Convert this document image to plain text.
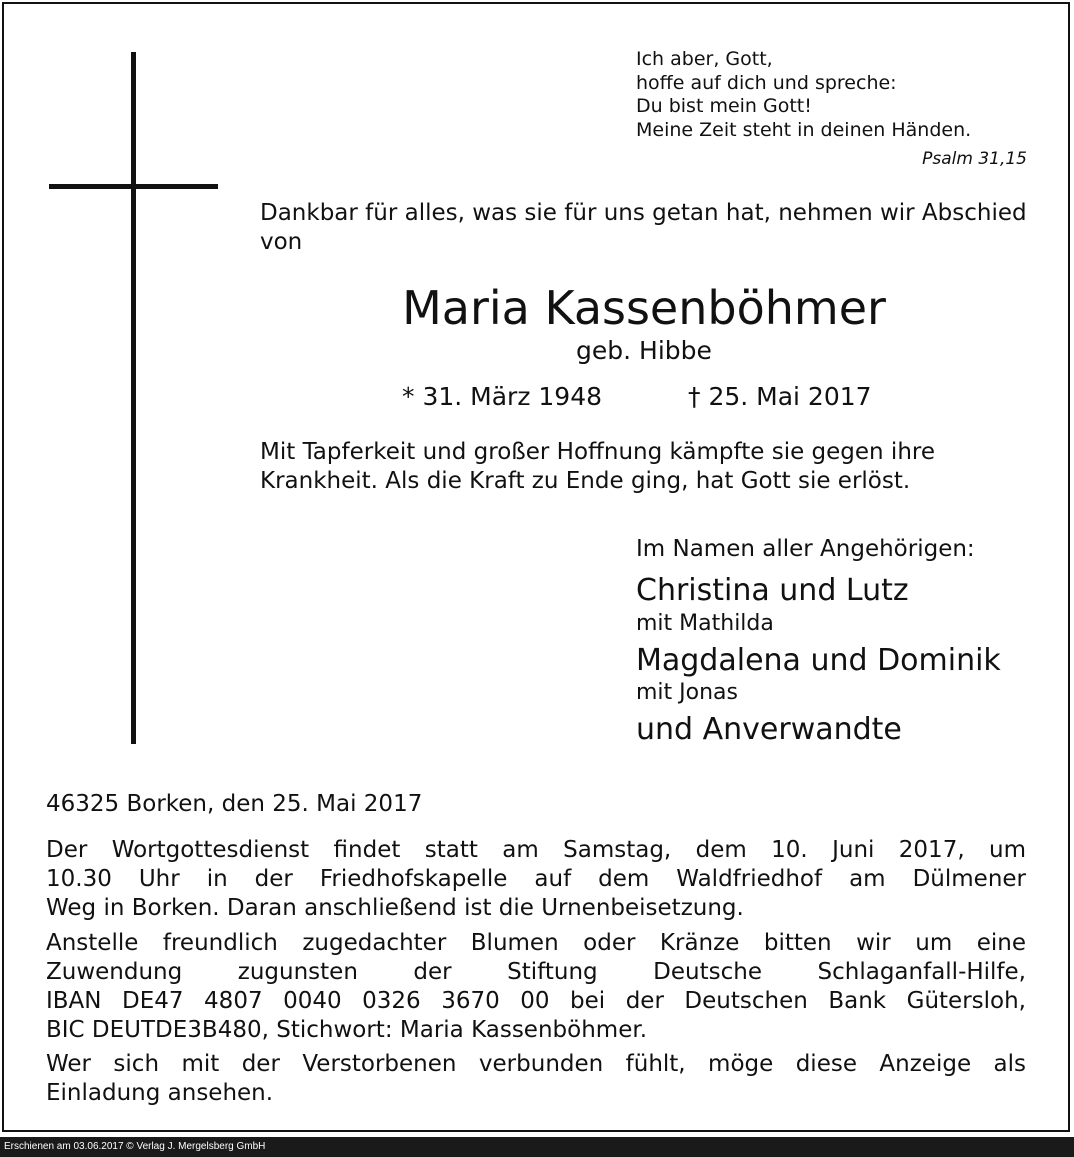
Ich aber, Gott,

hoffe auf dich und spreche:

Du bist mein Gott!

Meine Zeit steht in deinen Händen.

Psalm 31,15

Dankbar für alles, was sie für uns getan hat, nehmen wir Abschied von

Maria Kassenböhmer
geb. Hibbe
* 31. März 1948	† 25. Mai 2017

Mit Tapferkeit und großer Hoffnung kämpfte sie gegen ihre

Krankheit. Als die Kraft zu Ende ging, hat Gott sie erlöst.

Im Namen aller Angehörigen:
Christina und Lutz
mit Mathilda
Magdalena und Dominik
mit Jonas
und Anverwandte
46325 Borken, den 25. Mai 2017
Der Wortgottesdienst findet statt am Samstag, dem 10. Juni 2017, um
10.30 Uhr in der Friedhofskapelle auf dem Waldfriedhof am Dülmener
Weg in Borken. Daran anschließend ist die Urnenbeisetzung.
Anstelle freundlich zugedachter Blumen oder Kränze bitten wir um eine
Zuwendung zugunsten der Stiftung Deutsche Schlaganfall-Hilfe,
IBAN DE47 4807 0040 0326 3670 00 bei der Deutschen Bank Gütersloh,
BIC DEUTDE3B480, Stichwort: Maria Kassenböhmer.
Wer sich mit der Verstorbenen verbunden fühlt, möge diese Anzeige als
Einladung ansehen.
Erschienen am 03.06.2017 © Verlag J. Mergelsberg GmbH
